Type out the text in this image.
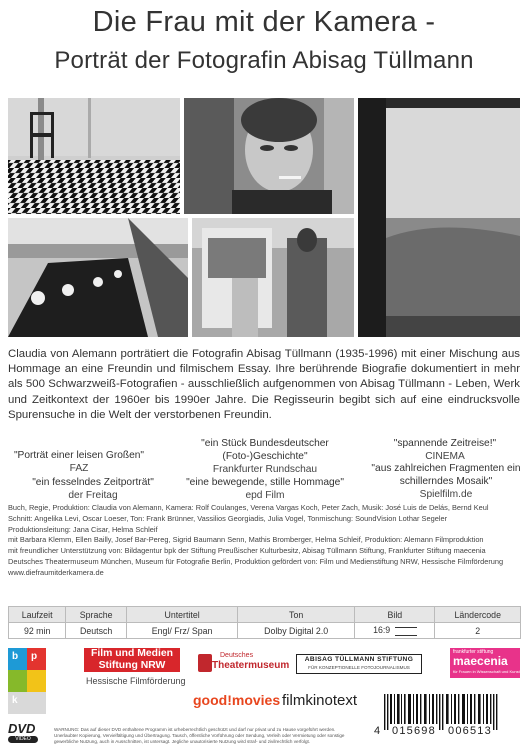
Die Frau mit der Kamera -
Porträt der Fotografin Abisag Tüllmann
Claudia von Alemann porträtiert die Fotografin Abisag Tüllmann (1935-1996) mit einer Mischung aus Hommage an eine Freundin und filmischem Essay. Ihre berührende Biografie dokumentiert in mehr als 500 Schwarzweiß-Fotografien - ausschließlich aufgenommen von Abisag Tüllmann - Leben, Werk und Zeitkontext der 1960er bis 1990er Jahre. Die Regisseurin begibt sich auf eine eindrucksvolle Spurensuche in die Welt der verstorbenen Freundin.
"Porträt einer leisen Großen"
FAZ
"ein fesselndes Zeitporträt"
der Freitag
"ein Stück Bundesdeutscher (Foto-)Geschichte"
Frankfurter Rundschau
"eine bewegende, stille Hommage"
epd Film
"spannende Zeitreise!"
CINEMA
"aus zahlreichen Fragmenten ein schillerndes Mosaik"
Spielfilm.de
Buch, Regie, Produktion: Claudia von Alemann, Kamera: Rolf Coulanges, Verena Vargas Koch, Peter Zach, Musik: José Luis de Delás, Bernd Keul
Schnitt: Angelika Levi, Oscar Loeser, Ton: Frank Brünner, Vassilios Georgiadis, Julia Vogel, Tonmischung: SoundVision Lothar Segeler
Produktionsleitung: Jana Cisar, Helma Schleif
mit Barbara Klemm, Ellen Bailly, Josef Bar-Pereg, Sigrid Baumann Senn, Mathis Bromberger, Helma Schleif, Produktion: Alemann Filmproduktion
mit freundlicher Unterstützung von: Bildagentur bpk der Stiftung Preußischer Kulturbesitz, Abisag Tüllmann Stiftung, Frankfurter Stiftung maecenia
Deutsches Theatermuseum München, Museum für Fotografie Berlin, Produktion gefördert von: Film und Medienstiftung NRW, Hessische Filmförderung
www.diefraumitderkamera.de
Laufzeit	Sprache	Untertitel	Ton	Bild	Ländercode
92 min	Deutsch	Engl/ Frz/ Span	Dolby Digital 2.0	16:9	2
b p
k
Film und Medien
Stiftung NRW
Hessische Filmförderung
Deutsches
Theatermuseum
ABISAG TÜLLMANN STIFTUNG
FÜR KONZEPTIONELLE FOTOJOURNALISMUS
frankfurter stiftung
maecenia
für Frauen in Wissenschaft und Kunst
good!movies filmkinotext
DVD
VIDEO
WARNUNG: Das auf dieser DVD enthaltene Programm ist urheberrechtlich geschützt und darf nur privat und zu Hause vorgeführt werden. Unerlaubter Kopierung, Vervielfältigung und Übertragung. Tausch, öffentliche Vorführung oder Sendung, Verleih oder Vermietung oder sonstige gewerbliche Nutzung, auch in Ausschnitten, ist untersagt. Jegliche unautorisierte Nutzung wird straf- und zivilrechtlich verfolgt.
4 015698 006513
